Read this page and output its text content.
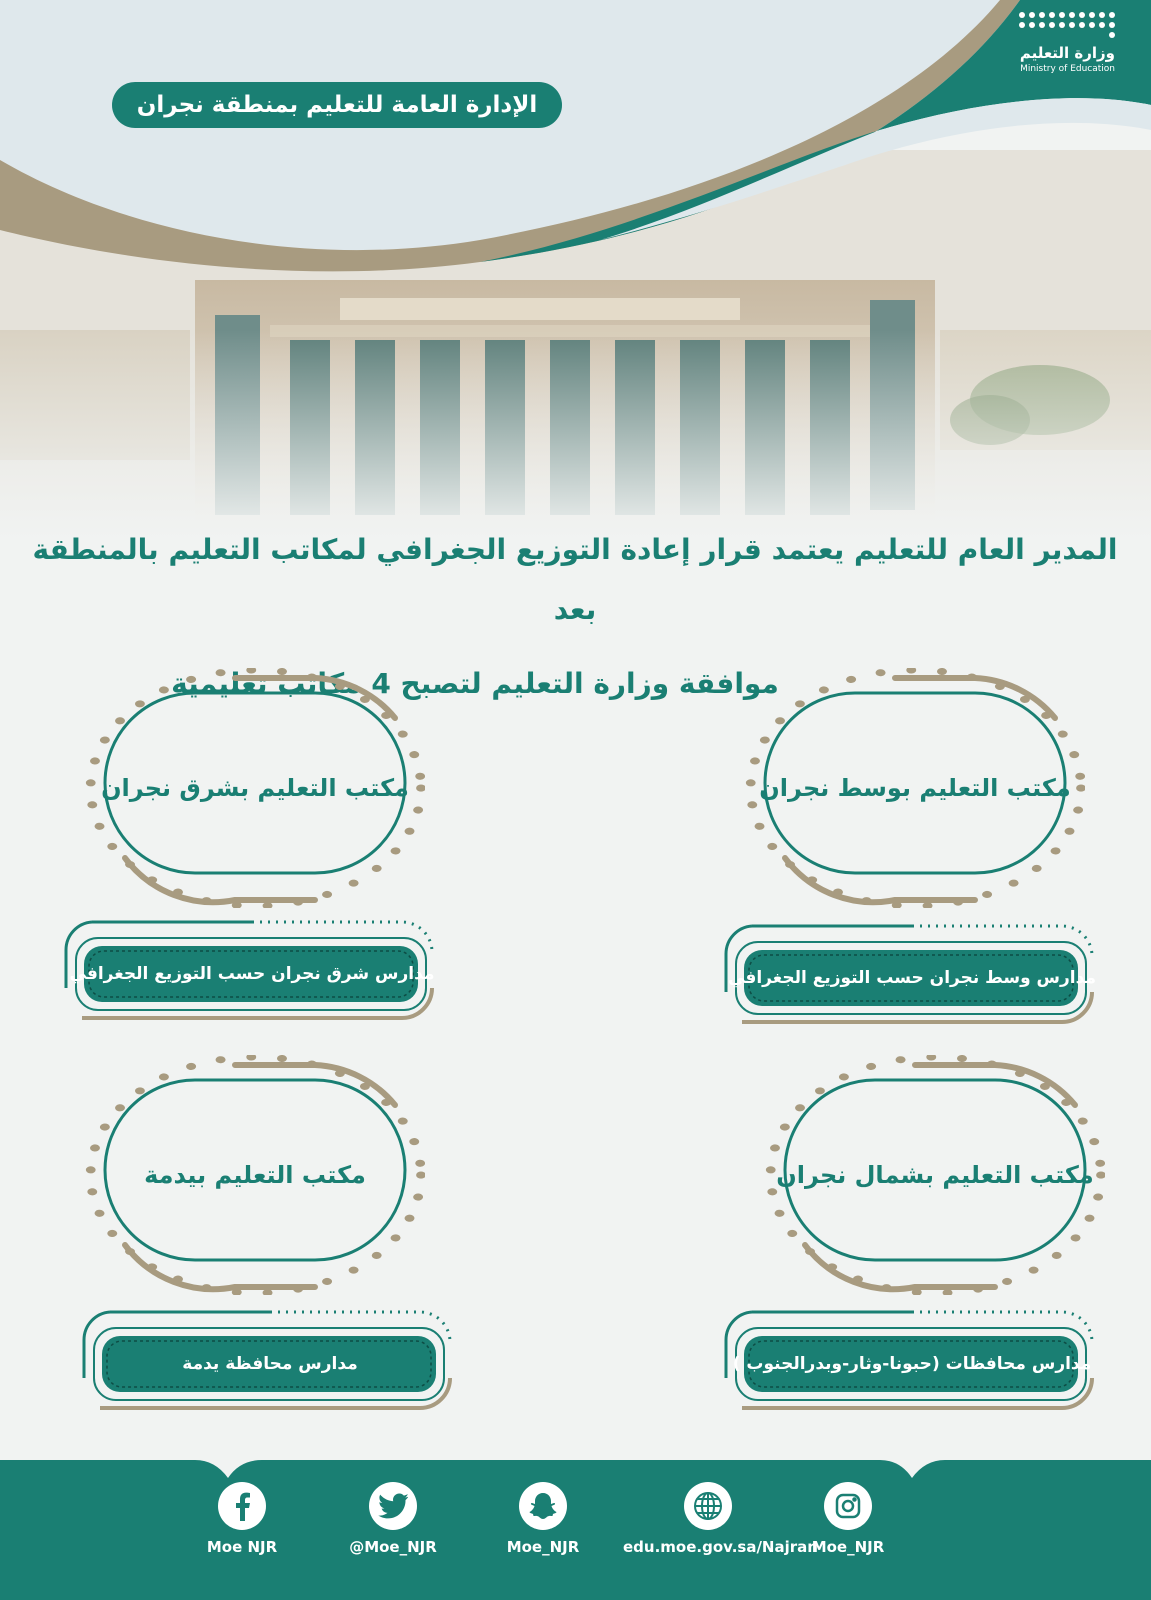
وزارة التعليم
Ministry of Education
الإدارة العامة للتعليم بمنطقة نجران
المدير العام للتعليم يعتمد قرار إعادة التوزيع الجغرافي لمكاتب التعليم بالمنطقة بعد
موافقة وزارة التعليم لتصبح 4 مكاتب تعليمية
مكتب التعليم بوسط نجران
مكتب التعليم بشرق نجران
مدارس وسط نجران حسب التوزيع الجغرافي
مدارس شرق نجران حسب التوزيع الجغرافي
مكتب التعليم بشمال نجران
مكتب التعليم بيدمة
مدارس محافظات (حبونا-وثار-وبدرالجنوب )
مدارس محافظة يدمة
Moe NJR	@Moe_NJR	Moe_NJR	edu.moe.gov.sa/Najran
Moe_NJR
